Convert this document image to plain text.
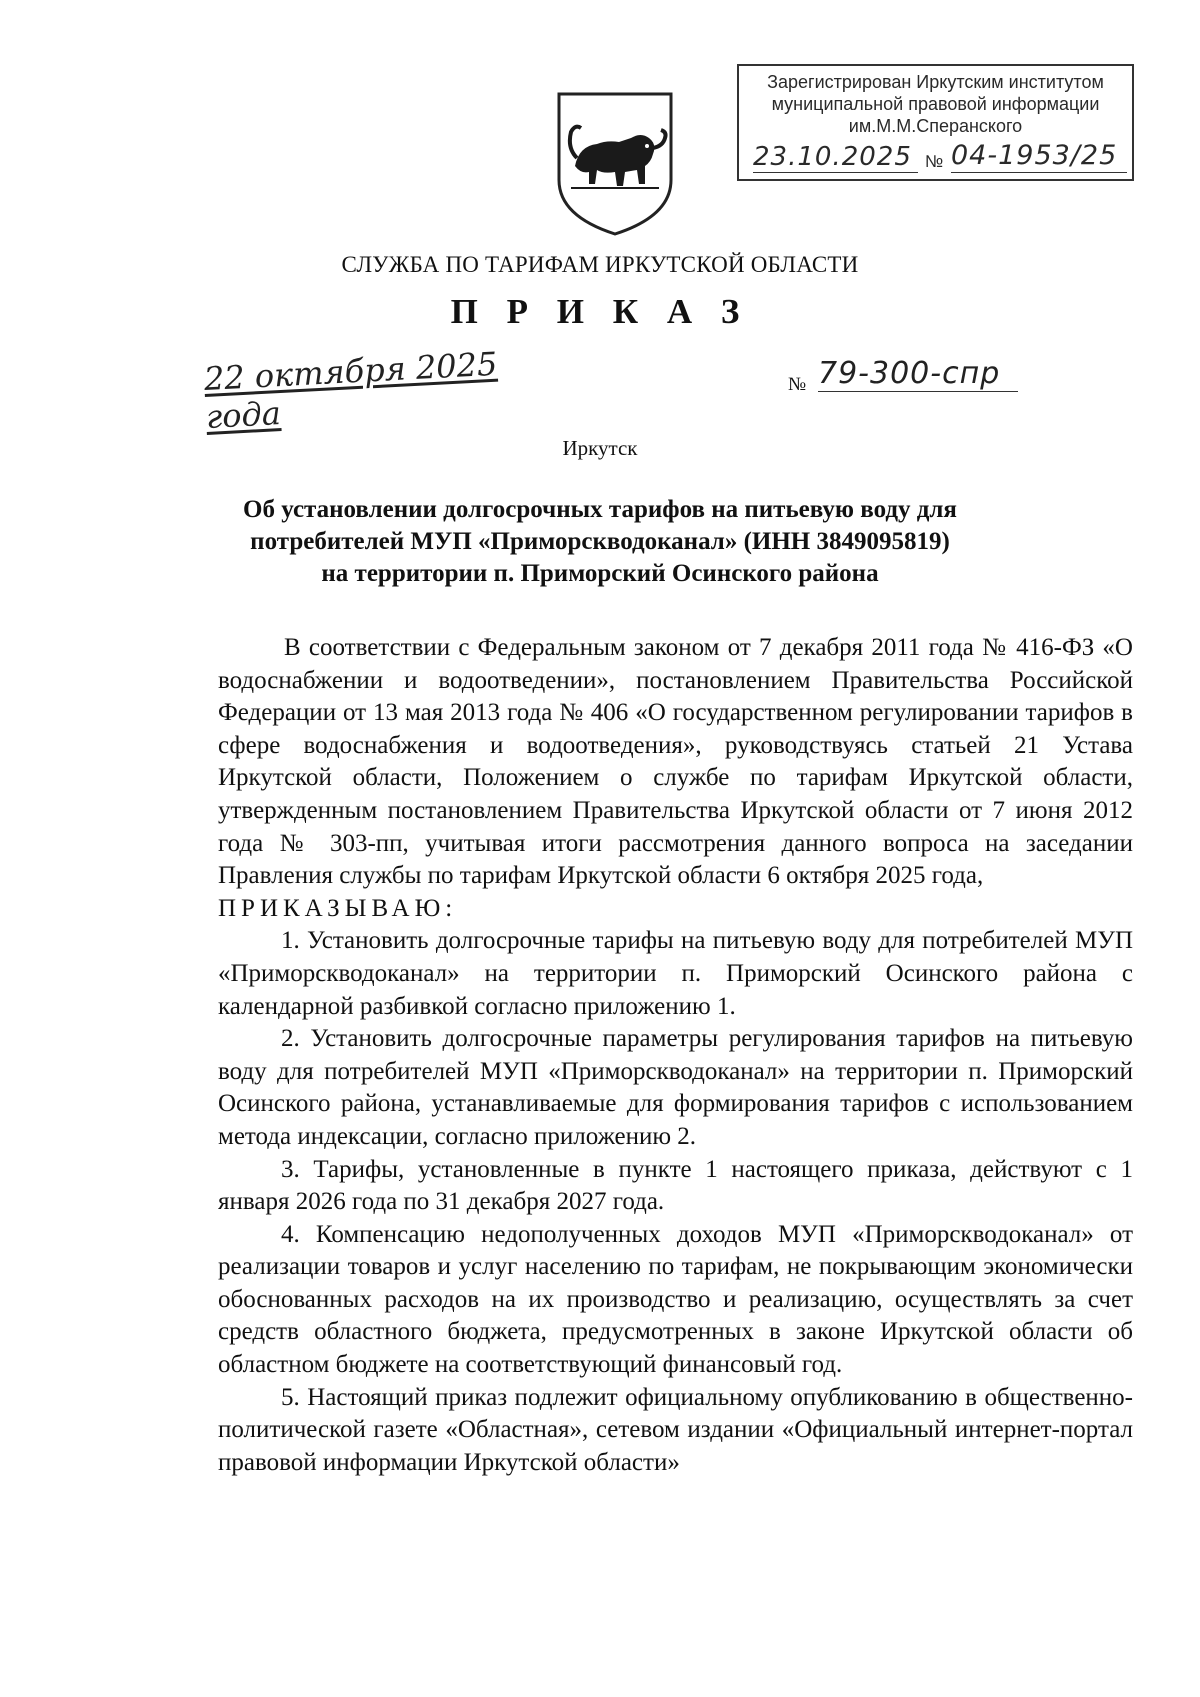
Зарегистрирован Иркутским институтом
муниципальной правовой информации
им.М.М.Сперанского
23.10.2025 № 04-1953/25
СЛУЖБА ПО ТАРИФАМ ИРКУТСКОЙ ОБЛАСТИ
П Р И К А З
22 октября 2025 года
№ 79-300-спр
Иркутск
Об установлении долгосрочных тарифов на питьевую воду для потребителей МУП «Приморскводоканал» (ИНН 3849095819) на территории п. Приморский Осинского района

В соответствии с Федеральным законом от 7 декабря 2011 года № 416-ФЗ «О водоснабжении и водоотведении», постановлением Правительства Российской Федерации от 13 мая 2013 года № 406 «О государственном регулировании тарифов в сфере водоснабжения и водоотведения», руководствуясь статьей 21 Устава Иркутской области, Положением о службе по тарифам Иркутской области, утвержденным постановлением Правительства Иркутской области от 7 июня 2012 года № 303-пп, учитывая итоги рассмотрения данного вопроса на заседании Правления службы по тарифам Иркутской области 6 октября 2025 года,

ПРИКАЗЫВАЮ:

1. Установить долгосрочные тарифы на питьевую воду для потребителей МУП «Приморскводоканал» на территории п. Приморский Осинского района с календарной разбивкой согласно приложению 1.

2. Установить долгосрочные параметры регулирования тарифов на питьевую воду для потребителей МУП «Приморскводоканал» на территории п. Приморский Осинского района, устанавливаемые для формирования тарифов с использованием метода индексации, согласно приложению 2.

3. Тарифы, установленные в пункте 1 настоящего приказа, действуют с 1 января 2026 года по 31 декабря 2027 года.

4. Компенсацию недополученных доходов МУП «Приморскводоканал» от реализации товаров и услуг населению по тарифам, не покрывающим экономически обоснованных расходов на их производство и реализацию, осуществлять за счет средств областного бюджета, предусмотренных в законе Иркутской области об областном бюджете на соответствующий финансовый год.

5. Настоящий приказ подлежит официальному опубликованию в общественно-политической газете «Областная», сетевом издании «Официальный интернет-портал правовой информации Иркутской области»
